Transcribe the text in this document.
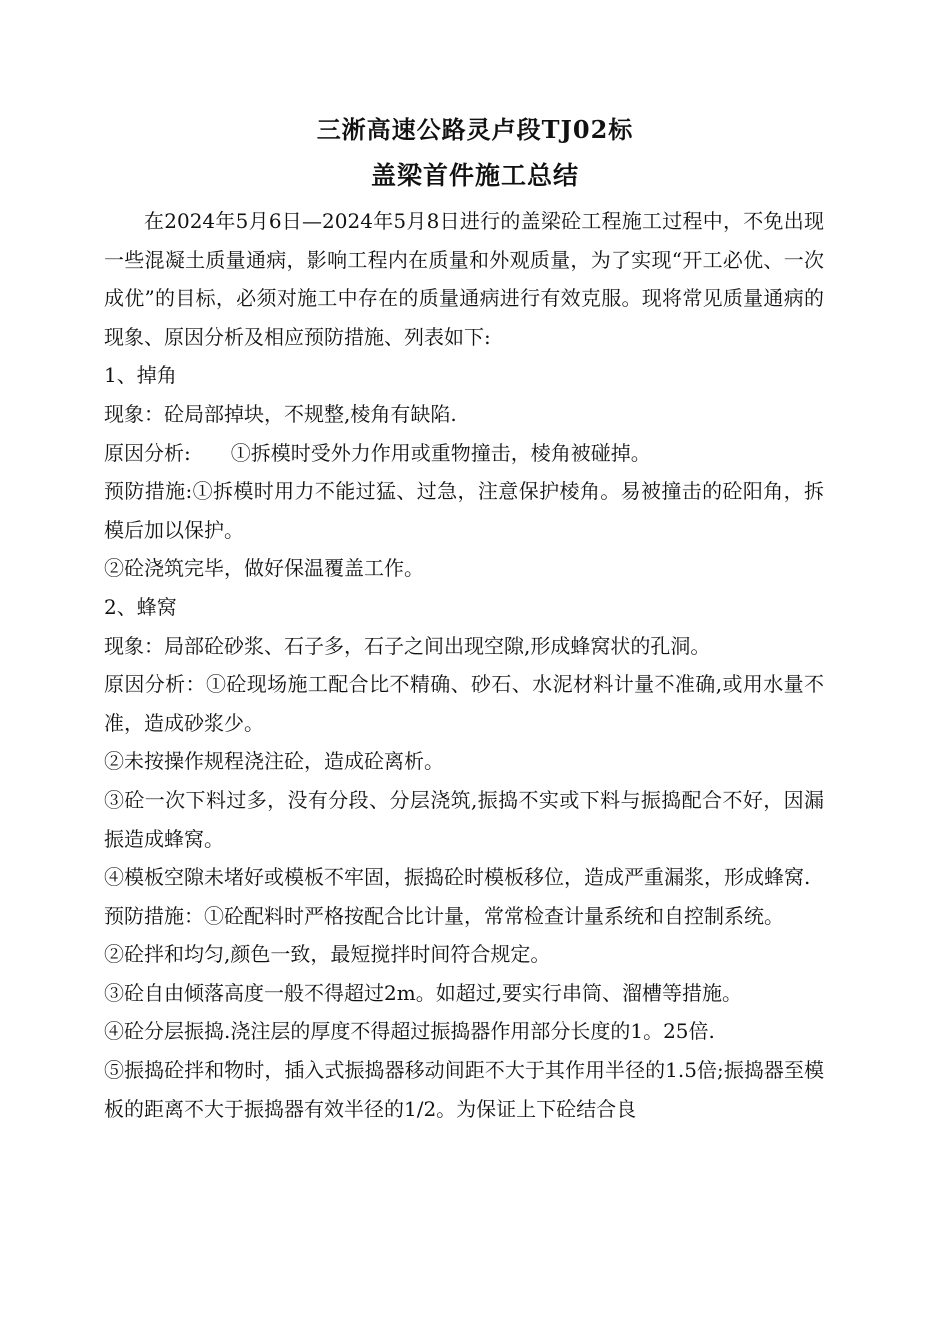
三淅高速公路灵卢段TJ02标
盖梁首件施工总结

在2024年5月6日—2024年5月8日进行的盖梁砼工程施工过程中，不免出现一些混凝土质量通病，影响工程内在质量和外观质量，为了实现“开工必优、一次成优”的目标，必须对施工中存在的质量通病进行有效克服。现将常见质量通病的现象、原因分析及相应预防措施、列表如下:

1、掉角

现象：砼局部掉块，不规整,棱角有缺陷.

原因分析:　　①拆模时受外力作用或重物撞击，棱角被碰掉。

预防措施:①拆模时用力不能过猛、过急，注意保护棱角。易被撞击的砼阳角，拆模后加以保护。

②砼浇筑完毕，做好保温覆盖工作。

2、蜂窝

现象：局部砼砂浆、石子多，石子之间出现空隙,形成蜂窝状的孔洞。

原因分析：①砼现场施工配合比不精确、砂石、水泥材料计量不准确,或用水量不准，造成砂浆少。

②未按操作规程浇注砼，造成砼离析。

③砼一次下料过多，没有分段、分层浇筑,振捣不实或下料与振捣配合不好，因漏振造成蜂窝。

④模板空隙未堵好或模板不牢固，振捣砼时模板移位，造成严重漏浆，形成蜂窝.

预防措施：①砼配料时严格按配合比计量，常常检查计量系统和自控制系统。

②砼拌和均匀,颜色一致，最短搅拌时间符合规定。

③砼自由倾落高度一般不得超过2m。如超过,要实行串筒、溜槽等措施。

④砼分层振捣.浇注层的厚度不得超过振捣器作用部分长度的1。25倍.

⑤振捣砼拌和物时，插入式振捣器移动间距不大于其作用半径的1.5倍;振捣器至模板的距离不大于振捣器有效半径的1/2。为保证上下砼结合良
